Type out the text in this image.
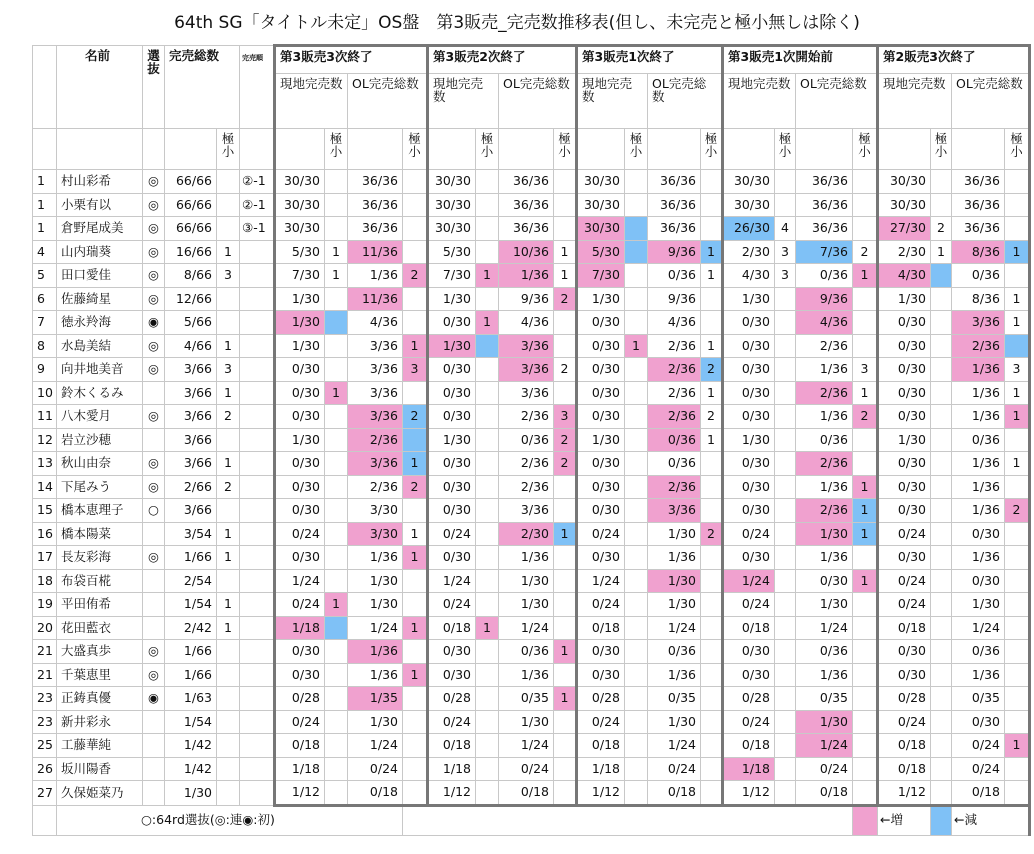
64th SG「タイトル未定」OS盤　第3販売_完売数推移表(但し、未完売と極小無しは除く)
	名前	選抜	完売総数		完売順	第3販売3次終了				第3販売2次終了				第3販売1次終了				第3販売1次開始前				第2販売3次終了			
						現地完売数		OL完売総数		現地完売数		OL完売総数		現地完売数		OL完売総数		現地完売数		OL完売総数		現地完売数		OL完売総数	
				極小			極小		極小		極小		極小		極小		極小		極小		極小		極小		極小
1	村山彩希	◎	66/66		②-1	30/30		36/36		30/30		36/36		30/30		36/36		30/30		36/36		30/30		36/36	
1	小栗有以	◎	66/66		②-1	30/30		36/36		30/30		36/36		30/30		36/36		30/30		36/36		30/30		36/36	
1	倉野尾成美	◎	66/66		③-1	30/30		36/36		30/30		36/36		30/30		36/36		26/30	4	36/36		27/30	2	36/36	
4	山内瑞葵	◎	16/66	1		5/30	1	11/36		5/30		10/36	1	5/30		9/36	1	2/30	3	7/36	2	2/30	1	8/36	1
5	田口愛佳	◎	8/66	3		7/30	1	1/36	2	7/30	1	1/36	1	7/30		0/36	1	4/30	3	0/36	1	4/30		0/36	
6	佐藤綺星	◎	12/66			1/30		11/36		1/30		9/36	2	1/30		9/36		1/30		9/36		1/30		8/36	1
7	徳永羚海	◉	5/66			1/30		4/36		0/30	1	4/36		0/30		4/36		0/30		4/36		0/30		3/36	1
8	水島美結	◎	4/66	1		1/30		3/36	1	1/30		3/36		0/30	1	2/36	1	0/30		2/36		0/30		2/36	
9	向井地美音	◎	3/66	3		0/30		3/36	3	0/30		3/36	2	0/30		2/36	2	0/30		1/36	3	0/30		1/36	3
10	鈴木くるみ		3/66	1		0/30	1	3/36		0/30		3/36		0/30		2/36	1	0/30		2/36	1	0/30		1/36	1
11	八木愛月	◎	3/66	2		0/30		3/36	2	0/30		2/36	3	0/30		2/36	2	0/30		1/36	2	0/30		1/36	1
12	岩立沙穂		3/66			1/30		2/36		1/30		0/36	2	1/30		0/36	1	1/30		0/36		1/30		0/36	
13	秋山由奈	◎	3/66	1		0/30		3/36	1	0/30		2/36	2	0/30		0/36		0/30		2/36		0/30		1/36	1
14	下尾みう	◎	2/66	2		0/30		2/36	2	0/30		2/36		0/30		2/36		0/30		1/36	1	0/30		1/36	
15	橋本恵理子	○	3/66			0/30		3/30		0/30		3/36		0/30		3/36		0/30		2/36	1	0/30		1/36	2
16	橋本陽菜		3/54	1		0/24		3/30	1	0/24		2/30	1	0/24		1/30	2	0/24		1/30	1	0/24		0/30	
17	長友彩海	◎	1/66	1		0/30		1/36	1	0/30		1/36		0/30		1/36		0/30		1/36		0/30		1/36	
18	布袋百椛		2/54			1/24		1/30		1/24		1/30		1/24		1/30		1/24		0/30	1	0/24		0/30	
19	平田侑希		1/54	1		0/24	1	1/30		0/24		1/30		0/24		1/30		0/24		1/30		0/24		1/30	
20	花田藍衣		2/42	1		1/18		1/24	1	0/18	1	1/24		0/18		1/24		0/18		1/24		0/18		1/24	
21	大盛真歩	◎	1/66			0/30		1/36		0/30		0/36	1	0/30		0/36		0/30		0/36		0/30		0/36	
21	千葉恵里	◎	1/66			0/30		1/36	1	0/30		1/36		0/30		1/36		0/30		1/36		0/30		1/36	
23	正鋳真優	◉	1/63			0/28		1/35		0/28		0/35	1	0/28		0/35		0/28		0/35		0/28		0/35	
23	新井彩永		1/54			0/24		1/30		0/24		1/30		0/24		1/30		0/24		1/30		0/24		0/30	
25	工藤華純		1/42			0/18		1/24		0/18		1/24		0/18		1/24		0/18		1/24		0/18		0/24	1
26	坂川陽香		1/42			1/18		0/24		1/18		0/24		1/18		0/24		1/18		0/24		0/18		0/24	
27	久保姫菜乃		1/30			1/12		0/18		1/12		0/18		1/12		0/18		1/12		0/18		1/12		0/18	
	○:64rd選抜(◎:連◉:初)																					←増		←減	
